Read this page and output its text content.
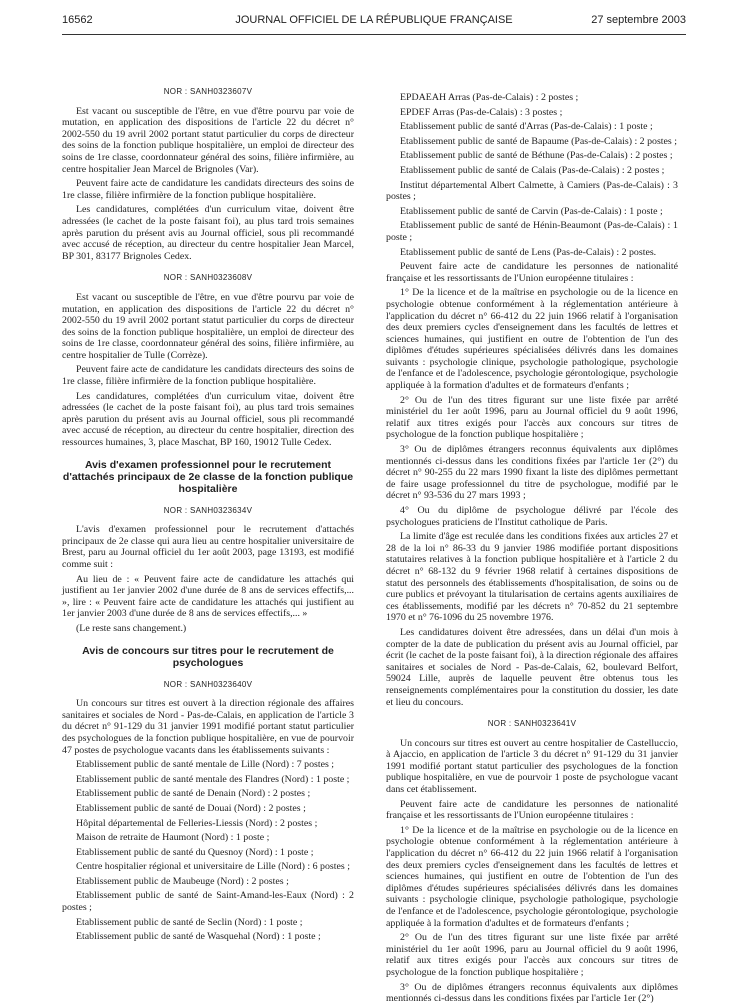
16562	JOURNAL OFFICIEL DE LA RÉPUBLIQUE FRANÇAISE	27 septembre 2003
NOR : SANH0323607V

Est vacant ou susceptible de l'être, en vue d'être pourvu par voie de mutation, en application des dispositions de l'article 22 du décret n° 2002-550 du 19 avril 2002 portant statut particulier du corps de directeur des soins de la fonction publique hospitalière, un emploi de directeur des soins de 1re classe, coordonnateur général des soins, filière infirmière, au centre hospitalier Jean Marcel de Brignoles (Var).

Peuvent faire acte de candidature les candidats directeurs des soins de 1re classe, filière infirmière de la fonction publique hospitalière.

Les candidatures, complétées d'un curriculum vitae, doivent être adressées (le cachet de la poste faisant foi), au plus tard trois semaines après parution du présent avis au Journal officiel, sous pli recommandé avec accusé de réception, au directeur du centre hospitalier Jean Marcel, BP 301, 83177 Brignoles Cedex.

NOR : SANH0323608V

Est vacant ou susceptible de l'être, en vue d'être pourvu par voie de mutation, en application des dispositions de l'article 22 du décret n° 2002-550 du 19 avril 2002 portant statut particulier du corps de directeur des soins de la fonction publique hospitalière, un emploi de directeur des soins de 1re classe, coordonnateur général des soins, filière infirmière, au centre hospitalier de Tulle (Corrèze).

Peuvent faire acte de candidature les candidats directeurs des soins de 1re classe, filière infirmière de la fonction publique hospitalière.

Les candidatures, complétées d'un curriculum vitae, doivent être adressées (le cachet de la poste faisant foi), au plus tard trois semaines après parution du présent avis au Journal officiel, sous pli recommandé avec accusé de réception, au directeur du centre hospitalier, direction des ressources humaines, 3, place Maschat, BP 160, 19012 Tulle Cedex.

Avis d'examen professionnel pour le recrutement d'attachés principaux de 2e classe de la fonction publique hospitalière
NOR : SANH0323634V

L'avis d'examen professionnel pour le recrutement d'attachés principaux de 2e classe qui aura lieu au centre hospitalier universitaire de Brest, paru au Journal officiel du 1er août 2003, page 13193, est modifié comme suit :

Au lieu de : « Peuvent faire acte de candidature les attachés qui justifient au 1er janvier 2002 d'une durée de 8 ans de services effectifs,... », lire : « Peuvent faire acte de candidature les attachés qui justifient au 1er janvier 2003 d'une durée de 8 ans de services effectifs,... »

(Le reste sans changement.)

Avis de concours sur titres pour le recrutement de psychologues
NOR : SANH0323640V

Un concours sur titres est ouvert à la direction régionale des affaires sanitaires et sociales de Nord - Pas-de-Calais, en application de l'article 3 du décret n° 91-129 du 31 janvier 1991 modifié portant statut particulier des psychologues de la fonction publique hospitalière, en vue de pourvoir 47 postes de psychologue vacants dans les établissements suivants :

Etablissement public de santé mentale de Lille (Nord) : 7 postes ;

Etablissement public de santé mentale des Flandres (Nord) : 1 poste ;

Etablissement public de santé de Denain (Nord) : 2 postes ;

Etablissement public de santé de Douai (Nord) : 2 postes ;

Hôpital départemental de Felleries-Liessis (Nord) : 2 postes ;

Maison de retraite de Haumont (Nord) : 1 poste ;

Etablissement public de santé du Quesnoy (Nord) : 1 poste ;

Centre hospitalier régional et universitaire de Lille (Nord) : 6 postes ;

Etablissement public de Maubeuge (Nord) : 2 postes ;

Etablissement public de santé de Saint-Amand-les-Eaux (Nord) : 2 postes ;

Etablissement public de santé de Seclin (Nord) : 1 poste ;

Etablissement public de santé de Wasquehal (Nord) : 1 poste ;

EPDAEAH Arras (Pas-de-Calais) : 2 postes ;

EPDEF Arras (Pas-de-Calais) : 3 postes ;

Etablissement public de santé d'Arras (Pas-de-Calais) : 1 poste ;

Etablissement public de santé de Bapaume (Pas-de-Calais) : 2 postes ;

Etablissement public de santé de Béthune (Pas-de-Calais) : 2 postes ;

Etablissement public de santé de Calais (Pas-de-Calais) : 2 postes ;

Institut départemental Albert Calmette, à Camiers (Pas-de-Calais) : 3 postes ;

Etablissement public de santé de Carvin (Pas-de-Calais) : 1 poste ;

Etablissement public de santé de Hénin-Beaumont (Pas-de-Calais) : 1 poste ;

Etablissement public de santé de Lens (Pas-de-Calais) : 2 postes.

Peuvent faire acte de candidature les personnes de nationalité française et les ressortissants de l'Union européenne titulaires :

1° De la licence et de la maîtrise en psychologie ou de la licence en psychologie obtenue conformément à la réglementation antérieure à l'application du décret n° 66-412 du 22 juin 1966 relatif à l'organisation des deux premiers cycles d'enseignement dans les facultés de lettres et sciences humaines, qui justifient en outre de l'obtention de l'un des diplômes d'études supérieures spécialisées délivrés dans les domaines suivants : psychologie clinique, psychologie pathologique, psychologie de l'enfance et de l'adolescence, psychologie gérontologique, psychologie appliquée à la formation d'adultes et de formateurs d'enfants ;

2° Ou de l'un des titres figurant sur une liste fixée par arrêté ministériel du 1er août 1996, paru au Journal officiel du 9 août 1996, relatif aux titres exigés pour l'accès aux concours sur titres de psychologue de la fonction publique hospitalière ;

3° Ou de diplômes étrangers reconnus équivalents aux diplômes mentionnés ci-dessus dans les conditions fixées par l'article 1er (2°) du décret n° 90-255 du 22 mars 1990 fixant la liste des diplômes permettant de faire usage professionnel du titre de psychologue, modifié par le décret n° 93-536 du 27 mars 1993 ;

4° Ou du diplôme de psychologue délivré par l'école des psychologues praticiens de l'Institut catholique de Paris.

La limite d'âge est reculée dans les conditions fixées aux articles 27 et 28 de la loi n° 86-33 du 9 janvier 1986 modifiée portant dispositions statutaires relatives à la fonction publique hospitalière et à l'article 2 du décret n° 68-132 du 9 février 1968 relatif à certaines dispositions de statut des personnels des établissements d'hospitalisation, de soins ou de cure publics et prévoyant la titularisation de certains agents auxiliaires de ces établissements, modifié par les décrets n° 70-852 du 21 septembre 1970 et n° 76-1096 du 25 novembre 1976.

Les candidatures doivent être adressées, dans un délai d'un mois à compter de la date de publication du présent avis au Journal officiel, par écrit (le cachet de la poste faisant foi), à la direction régionale des affaires sanitaires et sociales de Nord - Pas-de-Calais, 62, boulevard Belfort, 59024 Lille, auprès de laquelle peuvent être obtenus tous les renseignements complémentaires pour la constitution du dossier, les date et lieu du concours.

NOR : SANH0323641V

Un concours sur titres est ouvert au centre hospitalier de Castelluccio, à Ajaccio, en application de l'article 3 du décret n° 91-129 du 31 janvier 1991 modifié portant statut particulier des psychologues de la fonction publique hospitalière, en vue de pourvoir 1 poste de psychologue vacant dans cet établissement.

Peuvent faire acte de candidature les personnes de nationalité française et les ressortissants de l'Union européenne titulaires :

1° De la licence et de la maîtrise en psychologie ou de la licence en psychologie obtenue conformément à la réglementation antérieure à l'application du décret n° 66-412 du 22 juin 1966 relatif à l'organisation des deux premiers cycles d'enseignement dans les facultés de lettres et sciences humaines, qui justifient en outre de l'obtention de l'un des diplômes d'études supérieures spécialisées délivrés dans les domaines suivants : psychologie clinique, psychologie pathologique, psychologie de l'enfance et de l'adolescence, psychologie gérontologique, psychologie appliquée à la formation d'adultes et de formateurs d'enfants ;

2° Ou de l'un des titres figurant sur une liste fixée par arrêté ministériel du 1er août 1996, paru au Journal officiel du 9 août 1996, relatif aux titres exigés pour l'accès aux concours sur titres de psychologue de la fonction publique hospitalière ;

3° Ou de diplômes étrangers reconnus équivalents aux diplômes mentionnés ci-dessus dans les conditions fixées par l'article 1er (2°)
